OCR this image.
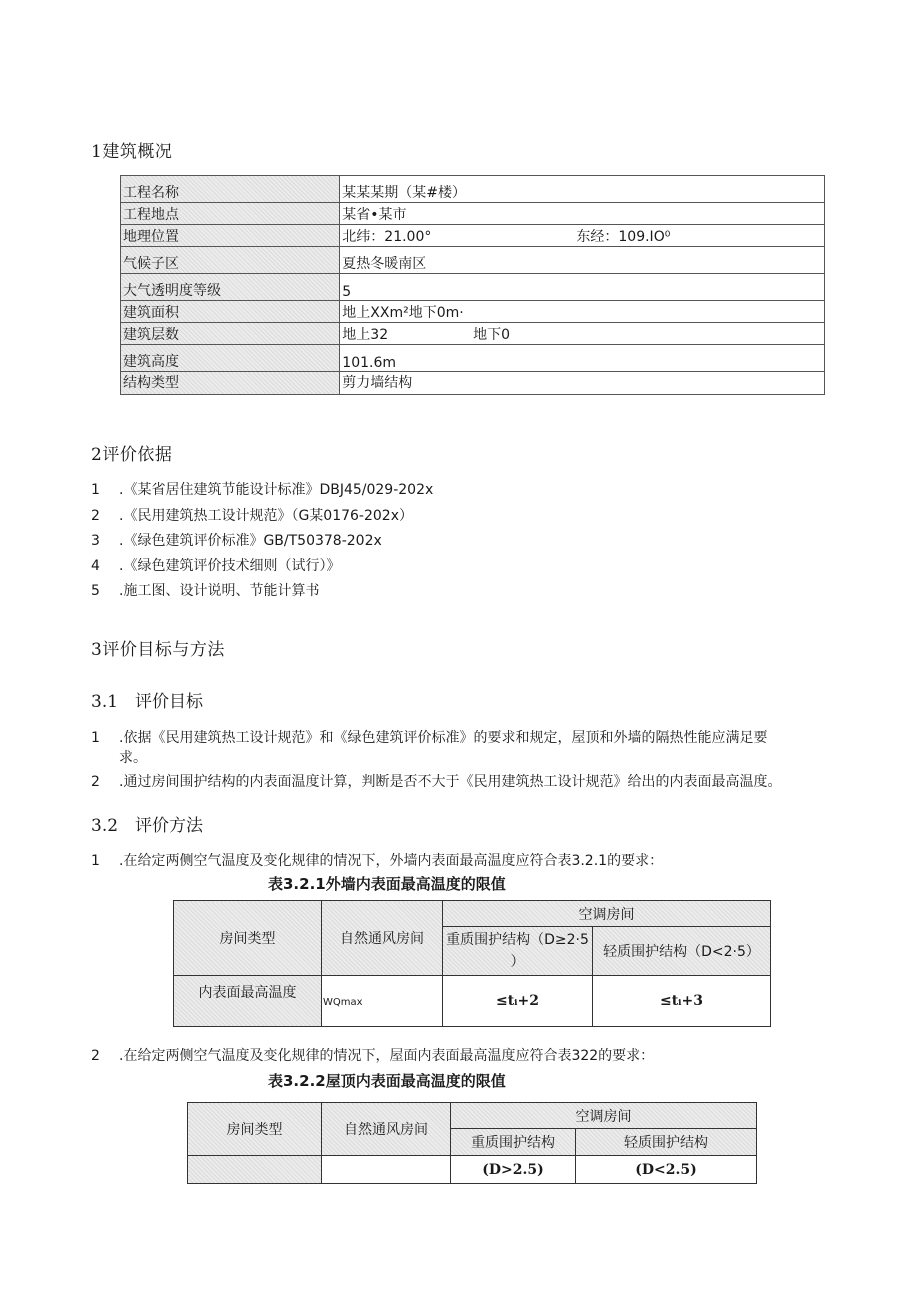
1建筑概况
工程名称	某某某期（某#楼）
工程地点	某省•某市
地理位置	北纬：21.00° 东经：109.IO⁰
气候子区	夏热冬暖南区
大气透明度等级	5
建筑面积	地上XXm²地下0m·
建筑层数	地上32 地下0
建筑高度	101.6m
结构类型	剪力墙结构
2评价依据
1 .《某省居住建筑节能设计标准》DBJ45/029-202x
2 .《民用建筑热工设计规范》（G某0176-202x）
3 .《绿色建筑评价标准》GB/T50378-202x
4 .《绿色建筑评价技术细则（试行）》
5 .施工图、设计说明、节能计算书
3评价目标与方法
3.1 评价目标
1 .依据《民用建筑热工设计规范》和《绿色建筑评价标准》的要求和规定，屋顶和外墙的隔热性能应满足要
求。
2 .通过房间围护结构的内表面温度计算，判断是否不大于《民用建筑热工设计规范》给出的内表面最高温度。
3.2 评价方法
1 .在给定两侧空气温度及变化规律的情况下，外墙内表面最高温度应符合表3.2.1的要求：
表3.2.1外墙内表面最高温度的限值
房间类型	自然通风房间	空调房间	
		重质围护结构（D≥2·5
）	轻质围护结构（D<2·5）
内表面最高温度	WQmax	≤tᵢ+2	≤tᵢ+3
2 .在给定两侧空气温度及变化规律的情况下，屋面内表面最高温度应符合表322的要求：
表3.2.2屋顶内表面最高温度的限值
房间类型	自然通风房间	空调房间	
		重质围护结构	轻质围护结构
		(D>2.5)	(D<2.5)
